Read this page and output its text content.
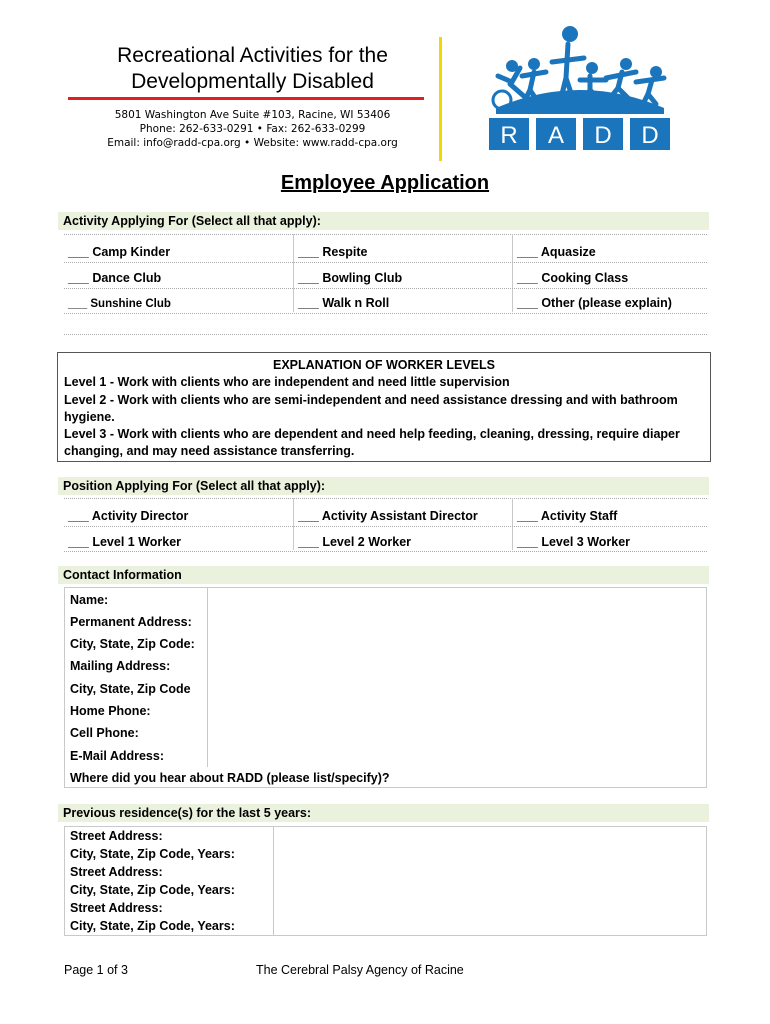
Recreational Activities for the
Developmentally Disabled
5801 Washington Ave Suite #103, Racine, WI 53406
Phone: 262-633-0291 • Fax: 262-633-0299
Email: info@radd-cpa.org • Website: www.radd-cpa.org	R A D D
Employee Application
Activity Applying For (Select all that apply):
___ Camp Kinder	___ Respite	___ Aquasize
___ Dance Club	___ Bowling Club	___ Cooking Class
___ Sunshine Club	___ Walk n Roll	___ Other (please explain)
EXPLANATION OF WORKER LEVELS
Level 1 - Work with clients who are independent and need little supervision
Level 2 - Work with clients who are semi-independent and need assistance dressing and with bathroom
hygiene.
Level 3 - Work with clients who are dependent and need help feeding, cleaning, dressing, require diaper
changing, and may need assistance transferring.
Position Applying For (Select all that apply):
___ Activity Director	___ Activity Assistant Director	___ Activity Staff
___ Level 1 Worker	___ Level 2 Worker	___ Level 3 Worker
Contact Information
Name:
Permanent Address:
City, State, Zip Code:
Mailing Address:
City, State, Zip Code
Home Phone:
Cell Phone:
E-Mail Address:
Where did you hear about RADD (please list/specify)?
Previous residence(s) for the last 5 years:
Street Address:
City, State, Zip Code, Years:
Street Address:
City, State, Zip Code, Years:
Street Address:
City, State, Zip Code, Years:
Page 1 of 3	The Cerebral Palsy Agency of Racine
